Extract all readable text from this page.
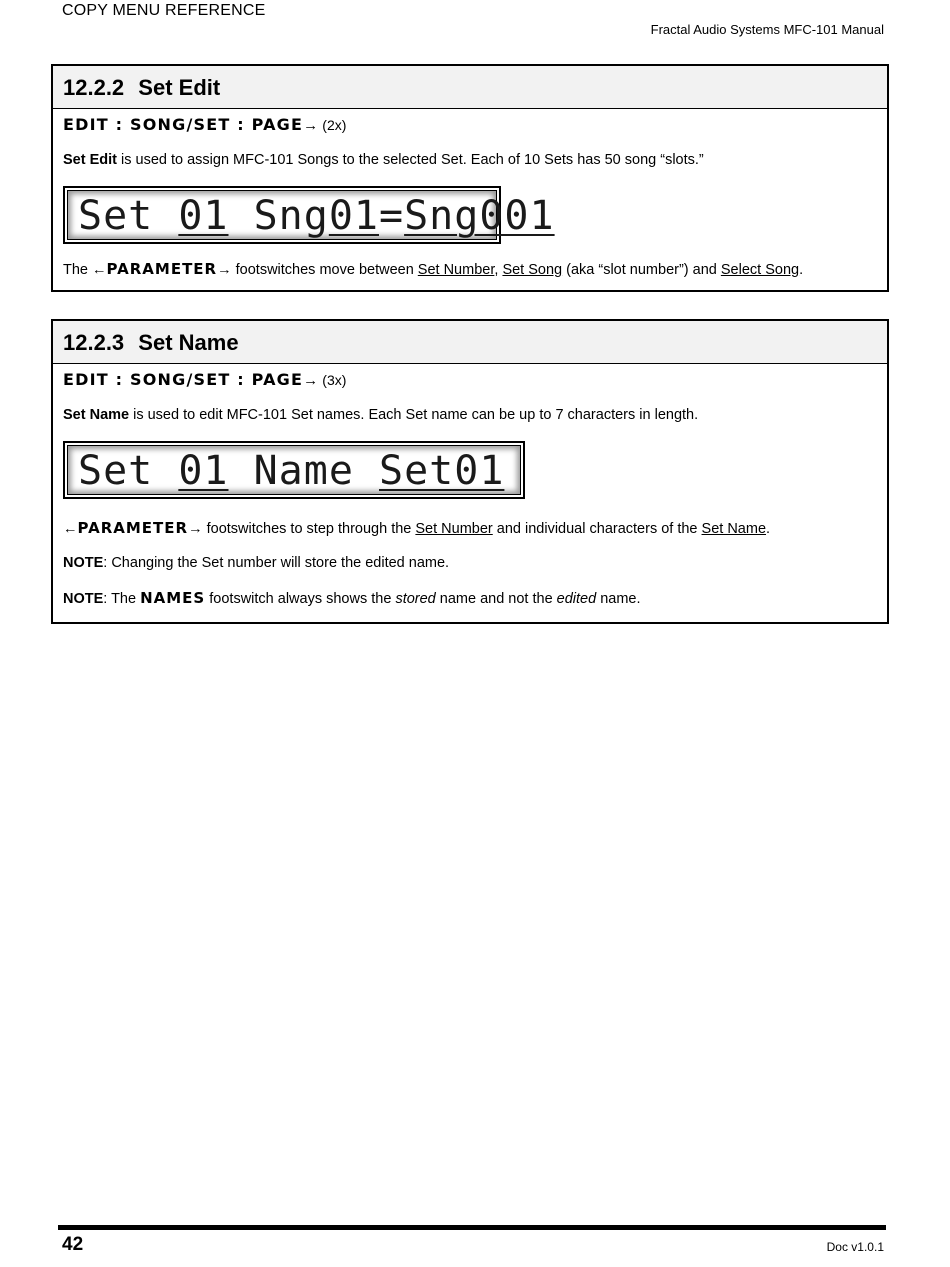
COPY MENU REFERENCE
Fractal Audio Systems MFC-101 Manual
12.2.2 Set Edit
EDIT : SONG/SET : PAGE→ (2x)

Set Edit is used to assign MFC-101 Songs to the selected Set. Each of 10 Sets has 50 song “slots.”

Set 01 Sng01=Sng001

The ←PARAMETER→ footswitches move between Set Number, Set Song (aka “slot number”) and Select Song.

12.2.3 Set Name
EDIT : SONG/SET : PAGE→ (3x)

Set Name is used to edit MFC-101 Set names. Each Set name can be up to 7 characters in length.

Set 01 Name Set01

←PARAMETER→ footswitches to step through the Set Number and individual characters of the Set Name.

NOTE: Changing the Set number will store the edited name.

NOTE: The NAMES footswitch always shows the stored name and not the edited name.

42	Doc v1.0.1
